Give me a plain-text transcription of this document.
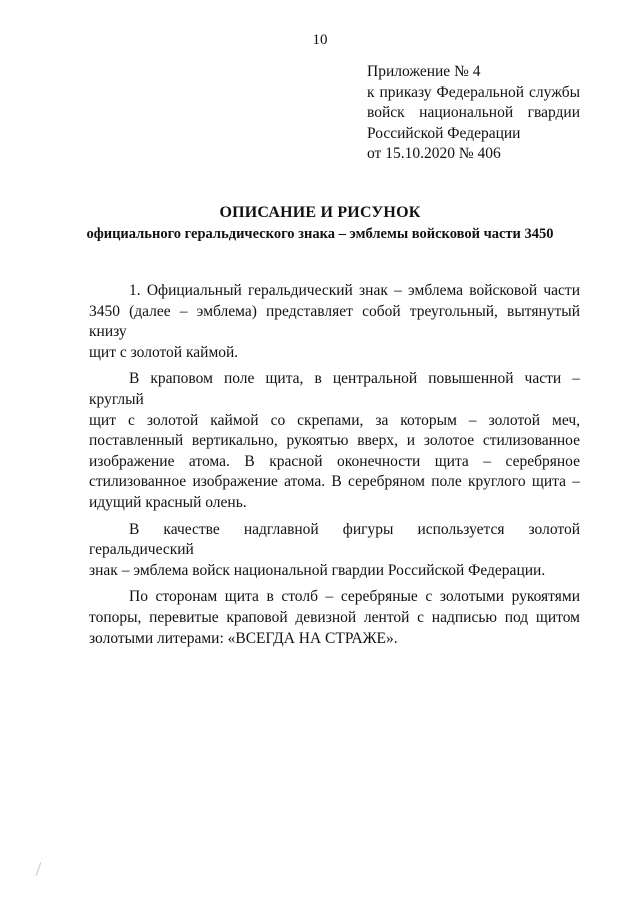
10
Приложение № 4
к приказу Федеральной службы
войск национальной гвардии
Российской Федерации
от 15.10.2020 № 406
ОПИСАНИЕ И РИСУНОК
официального геральдического знака – эмблемы войсковой части 3450

1. Официальный геральдический знак – эмблема войсковой части
3450 (далее – эмблема) представляет собой треугольный, вытянутый книзу
щит с золотой каймой.

В краповом поле щита, в центральной повышенной части – круглый
щит с золотой каймой со скрепами, за которым – золотой меч,
поставленный вертикально, рукоятью вверх, и золотое стилизованное
изображение атома. В красной оконечности щита – серебряное
стилизованное изображение атома. В серебряном поле круглого щита –
идущий красный олень.

В качестве надглавной фигуры используется золотой геральдический
знак – эмблема войск национальной гвардии Российской Федерации.

По сторонам щита в столб – серебряные с золотыми рукоятями
топоры, перевитые краповой девизной лентой с надписью под щитом
золотыми литерами: «ВСЕГДА НА СТРАЖЕ».
